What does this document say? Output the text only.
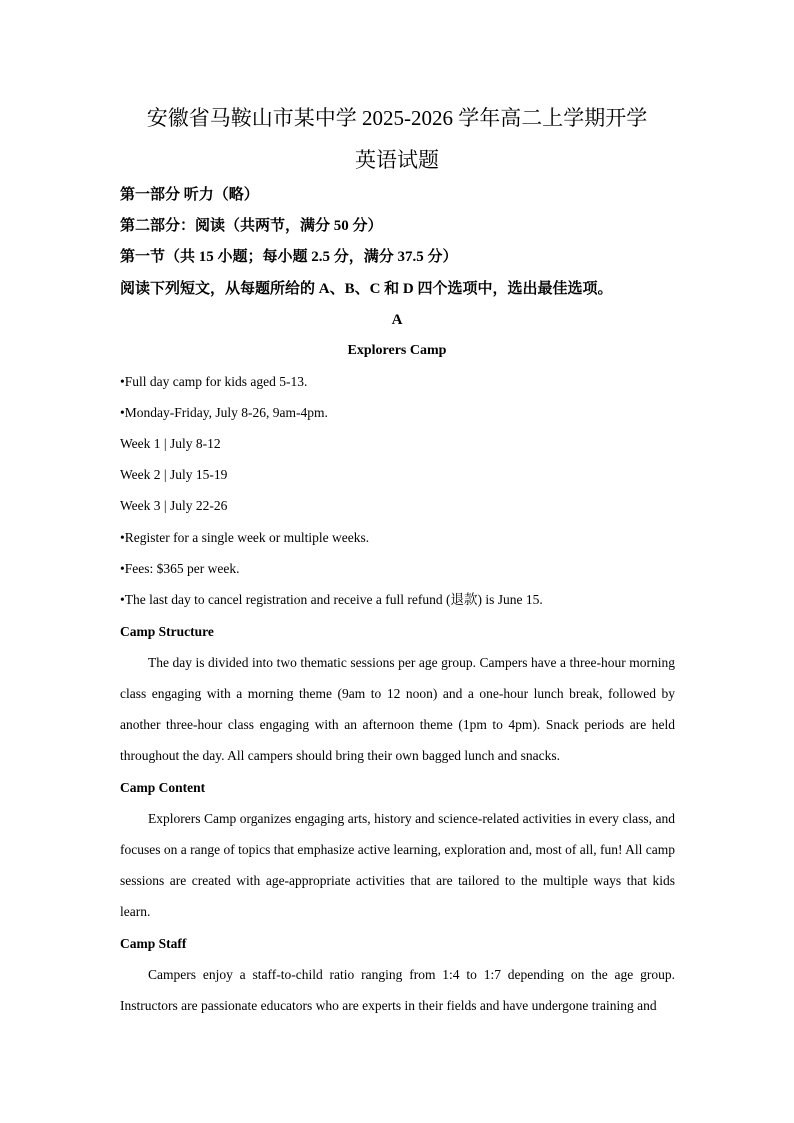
安徽省马鞍山市某中学 2025-2026 学年高二上学期开学
英语试题
第一部分 听力（略）
第二部分：阅读（共两节，满分 50 分）
第一节（共 15 小题；每小题 2.5 分，满分 37.5 分）
阅读下列短文，从每题所给的 A、B、C 和 D 四个选项中，选出最佳选项。
A
Explorers Camp
•Full day camp for kids aged 5-13.
•Monday-Friday, July 8-26, 9am-4pm.
Week 1 | July 8-12
Week 2 | July 15-19
Week 3 | July 22-26
•Register for a single week or multiple weeks.
•Fees: $365 per week.
•The last day to cancel registration and receive a full refund (退款) is June 15.
Camp Structure

The day is divided into two thematic sessions per age group. Campers have a three-hour morning class engaging with a morning theme (9am to 12 noon) and a one-hour lunch break, followed by another three-hour class engaging with an afternoon theme (1pm to 4pm). Snack periods are held throughout the day. All campers should bring their own bagged lunch and snacks.

Camp Content

Explorers Camp organizes engaging arts, history and science-related activities in every class, and focuses on a range of topics that emphasize active learning, exploration and, most of all, fun! All camp sessions are created with age-appropriate activities that are tailored to the multiple ways that kids learn.

Camp Staff

Campers enjoy a staff-to-child ratio ranging from 1:4 to 1:7 depending on the age group. Instructors are passionate educators who are experts in their fields and have undergone training and
